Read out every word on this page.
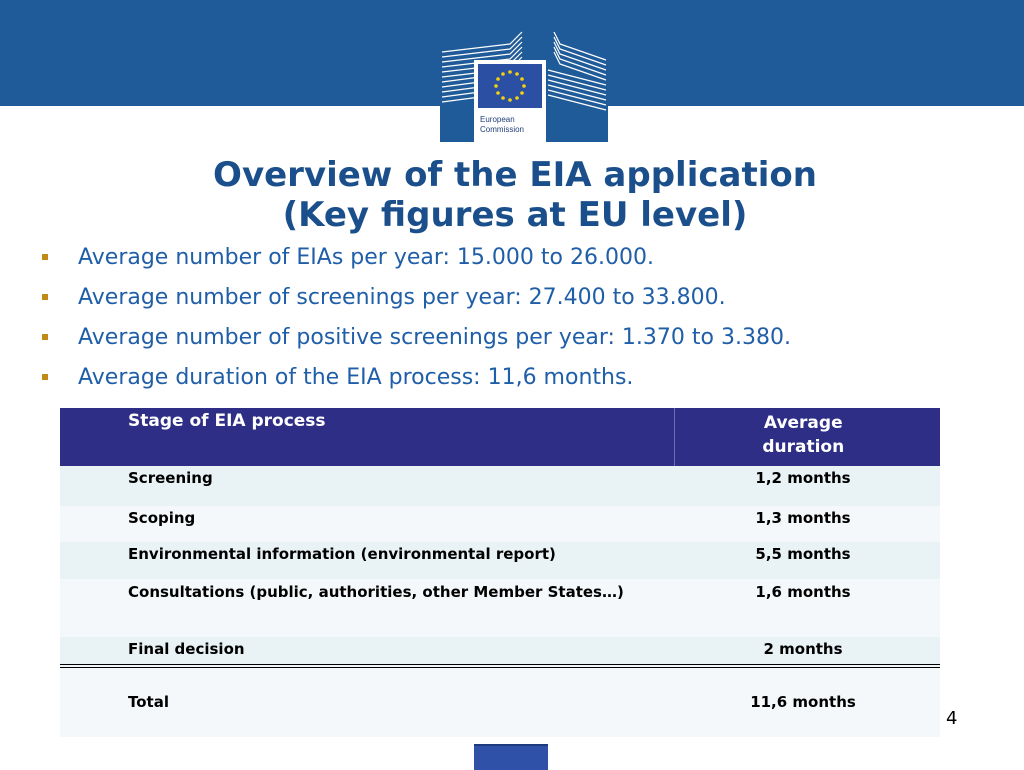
European
Commission
Overview of the EIA application
(Key figures at EU level)
Average number of EIAs per year: 15.000 to 26.000.
Average number of screenings per year: 27.400 to 33.800.
Average number of positive screenings per year: 1.370 to 3.380.
Average duration of the EIA process: 11,6 months.
Stage of EIA process	Average
duration
Screening	1,2 months
Scoping	1,3 months
Environmental information (environmental report)	5,5 months
Consultations (public, authorities, other Member States…)	1,6 months
Final decision	2 months
Total	11,6 months
4
